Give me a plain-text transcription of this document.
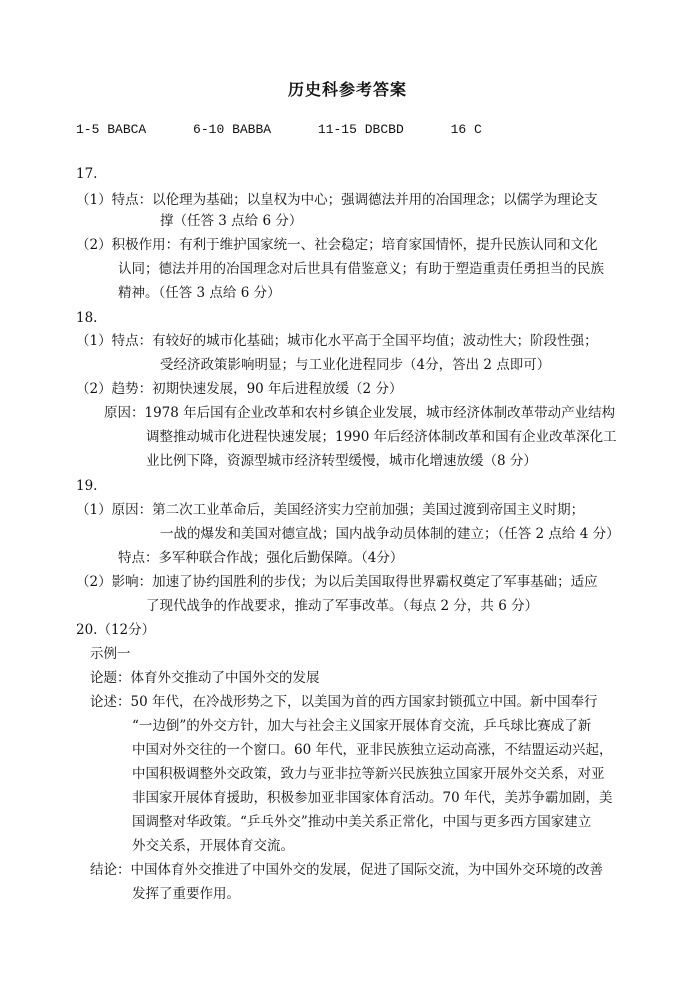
历史科参考答案
1-5 BABCA	6-10 BABBA	11-15 DBCBD	16 C
17.
（1）特点：以伦理为基础；以皇权为中心；强调德法并用的冶国理念；以儒学为理论支
撑（任答 3 点给 6 分）
（2）积极作用：有利于维护国家统一、社会稳定；培育家国情怀，提升民族认同和文化
认同；德法并用的冶国理念对后世具有借鉴意义；有助于塑造重责任勇担当的民族
精神。（任答 3 点给 6 分）
18.
（1）特点：有较好的城市化基础；城市化水平高于全国平均值；波动性大；阶段性强；
受经济政策影响明显；与工业化进程同步（4分，答出 2 点即可）
（2）趋势：初期快速发展，90 年后进程放缓（2 分）
原因：1978 年后国有企业改革和农村乡镇企业发展，城市经济体制改革带动产业结构
调整推动城市化进程快速发展；1990 年后经济体制改革和国有企业改革深化工
业比例下降，资源型城市经济转型缓慢，城市化增速放缓（8 分）
19.
（1）原因：第二次工业革命后，美国经济实力空前加强；美国过渡到帝国主义时期；
一战的爆发和美国对德宣战；国内战争动员体制的建立；（任答 2 点给 4 分）
特点：多军种联合作战；强化后勤保障。（4分）
（2）影响：加速了协约国胜利的步伐；为以后美国取得世界霸权奠定了军事基础；适应
了现代战争的作战要求，推动了军事改革。（每点 2 分，共 6 分）
20.（12分）
示例一
论题：体育外交推动了中国外交的发展
论述：50 年代，在冷战形势之下，以美国为首的西方国家封锁孤立中国。新中国奉行
“一边倒”的外交方针，加大与社会主义国家开展体育交流，乒乓球比赛成了新
中国对外交往的一个窗口。60 年代，亚非民族独立运动高涨，不结盟运动兴起，
中国积极调整外交政策，致力与亚非拉等新兴民族独立国家开展外交关系，对亚
非国家开展体育援助，积极参加亚非国家体育活动。70 年代，美苏争霸加剧，美
国调整对华政策。“乒乓外交”推动中美关系正常化，中国与更多西方国家建立
外交关系，开展体育交流。
结论：中国体育外交推进了中国外交的发展，促进了国际交流，为中国外交环境的改善
发挥了重要作用。
